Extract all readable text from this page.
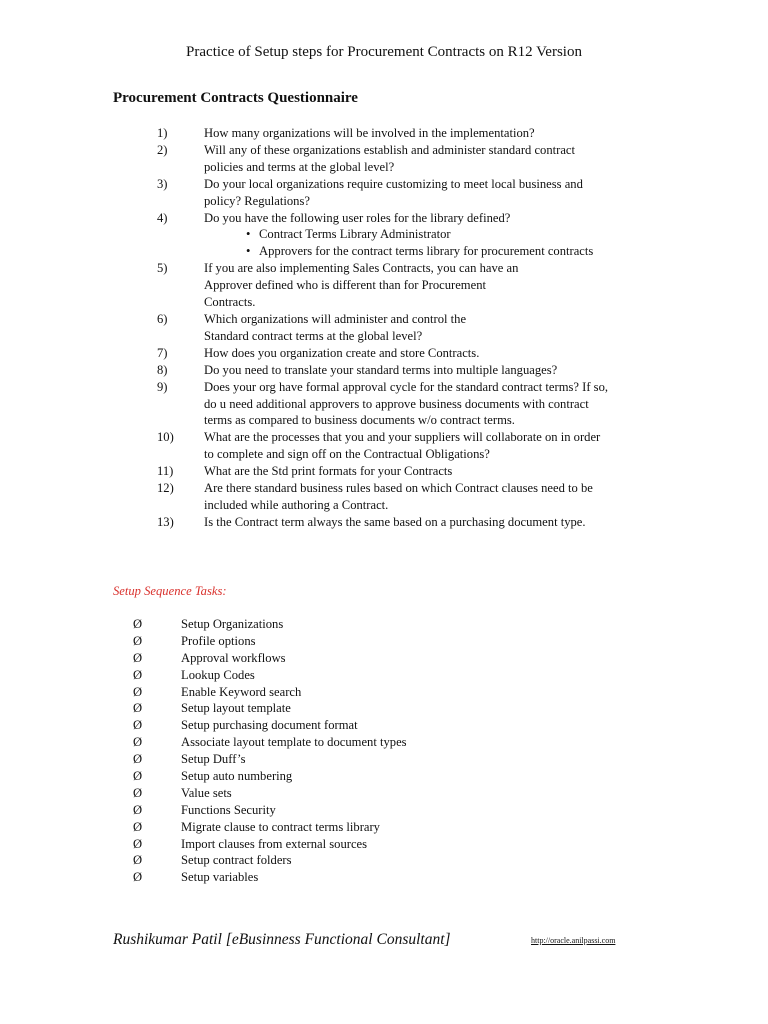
Practice of Setup steps for Procurement Contracts on R12 Version
Procurement Contracts Questionnaire
1)	How many organizations will be involved in the implementation?
2)	Will any of these organizations establish and administer standard contract
policies and terms at the global level?
3)	Do your local organizations require customizing to meet local business and
policy? Regulations?
4)	Do you have the following user roles for the library defined?
• Contract Terms Library Administrator
• Approvers for the contract terms library for procurement contracts
5)	If you are also implementing Sales Contracts, you can have an
Approver defined who is different than for Procurement
Contracts.
6)	Which organizations will administer and control the
Standard contract terms at the global level?
7)	How does you organization create and store Contracts.
8)	Do you need to translate your standard terms into multiple languages?
9)	Does your org have formal approval cycle for the standard contract terms? If so,
do u need additional approvers to approve business documents with contract
terms as compared to business documents w/o contract terms.
10) What are the processes that you and your suppliers will collaborate on in order
to complete and sign off on the Contractual Obligations?
11) What are the Std print formats for your Contracts
12) Are there standard business rules based on which Contract clauses need to be
included while authoring a Contract.
13) Is the Contract term always the same based on a purchasing document type.
Setup Sequence Tasks:
Ø	Setup Organizations
Ø	Profile options
Ø	Approval workflows
Ø	Lookup Codes
Ø	Enable Keyword search
Ø	Setup layout template
Ø	Setup purchasing document format
Ø	Associate layout template to document types
Ø	Setup Duff’s
Ø	Setup auto numbering
Ø	Value sets
Ø	Functions Security
Ø	Migrate clause to contract terms library
Ø	Import clauses from external sources
Ø	Setup contract folders
Ø	Setup variables
Rushikumar Patil [eBusinness Functional Consultant]	http://oracle.anilpassi.com
